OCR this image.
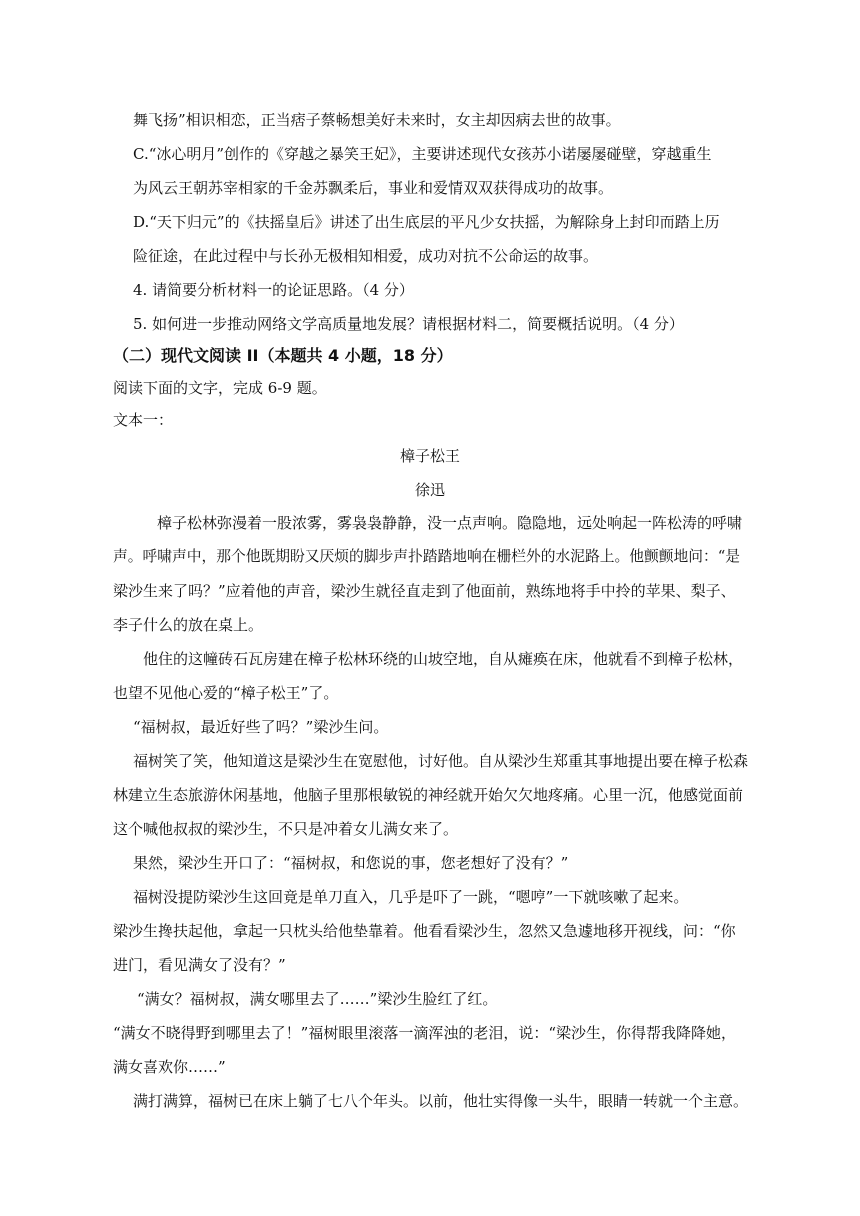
舞飞扬”相识相恋，正当痞子蔡畅想美好未来时，女主却因病去世的故事。
C.“冰心明月”创作的《穿越之暴笑王妃》，主要讲述现代女孩苏小诺屡屡碰壁，穿越重生
为风云王朝苏宰相家的千金苏飘柔后，事业和爱情双双获得成功的故事。
D.“天下归元”的《扶摇皇后》讲述了出生底层的平凡少女扶摇，为解除身上封印而踏上历
险征途，在此过程中与长孙无极相知相爱，成功对抗不公命运的故事。
4. 请简要分析材料一的论证思路。（4 分）
5. 如何进一步推动网络文学高质量地发展？请根据材料二，简要概括说明。（4 分）
（二）现代文阅读 II（本题共 4 小题，18 分）
阅读下面的文字，完成 6-9 题。
文本一：
樟子松王
徐迅
樟子松林弥漫着一股浓雾，雾袅袅静静，没一点声响。隐隐地，远处响起一阵松涛的呼啸
声。呼啸声中，那个他既期盼又厌烦的脚步声扑踏踏地响在栅栏外的水泥路上。他颤颤地问：“是
梁沙生来了吗？”应着他的声音，梁沙生就径直走到了他面前，熟练地将手中拎的苹果、梨子、
李子什么的放在桌上。
他住的这幢砖石瓦房建在樟子松林环绕的山坡空地，自从瘫痪在床，他就看不到樟子松林，
也望不见他心爱的“樟子松王”了。
“福树叔，最近好些了吗？”梁沙生问。
福树笑了笑，他知道这是梁沙生在宽慰他，讨好他。自从梁沙生郑重其事地提出要在樟子松森
林建立生态旅游休闲基地，他脑子里那根敏锐的神经就开始欠欠地疼痛。心里一沉，他感觉面前
这个喊他叔叔的梁沙生，不只是冲着女儿满女来了。
果然，梁沙生开口了：“福树叔，和您说的事，您老想好了没有？”
福树没提防梁沙生这回竟是单刀直入，几乎是吓了一跳，“嗯哼”一下就咳嗽了起来。
梁沙生搀扶起他，拿起一只枕头给他垫靠着。他看看梁沙生，忽然又急遽地移开视线，问：“你
进门，看见满女了没有？”
“满女？福树叔，满女哪里去了……”梁沙生脸红了红。
“满女不晓得野到哪里去了！”福树眼里滚落一滴浑浊的老泪，说：“梁沙生，你得帮我降降她，
满女喜欢你……”
满打满算，福树已在床上躺了七八个年头。以前，他壮实得像一头牛，眼睛一转就一个主意。
